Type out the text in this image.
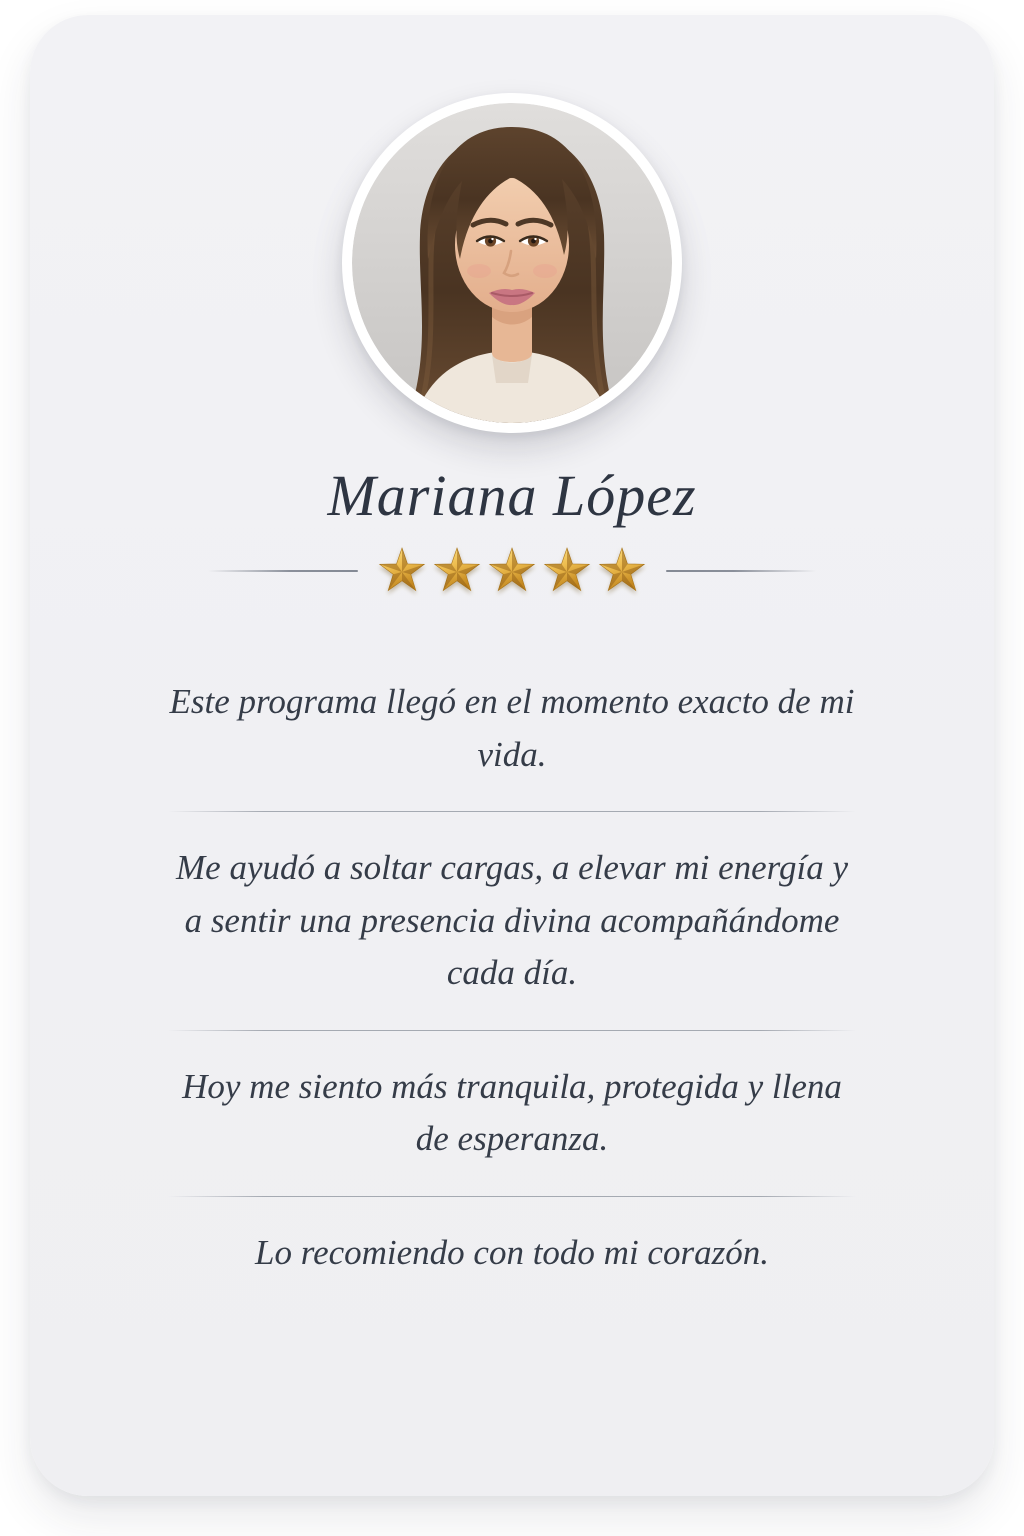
Mariana López

Este programa llegó en el momento exacto de mi vida.

Me ayudó a soltar cargas, a elevar mi energía y a sentir una presencia divina acompañándome cada día.

Hoy me siento más tranquila, protegida y llena de esperanza.

Lo recomiendo con todo mi corazón.
